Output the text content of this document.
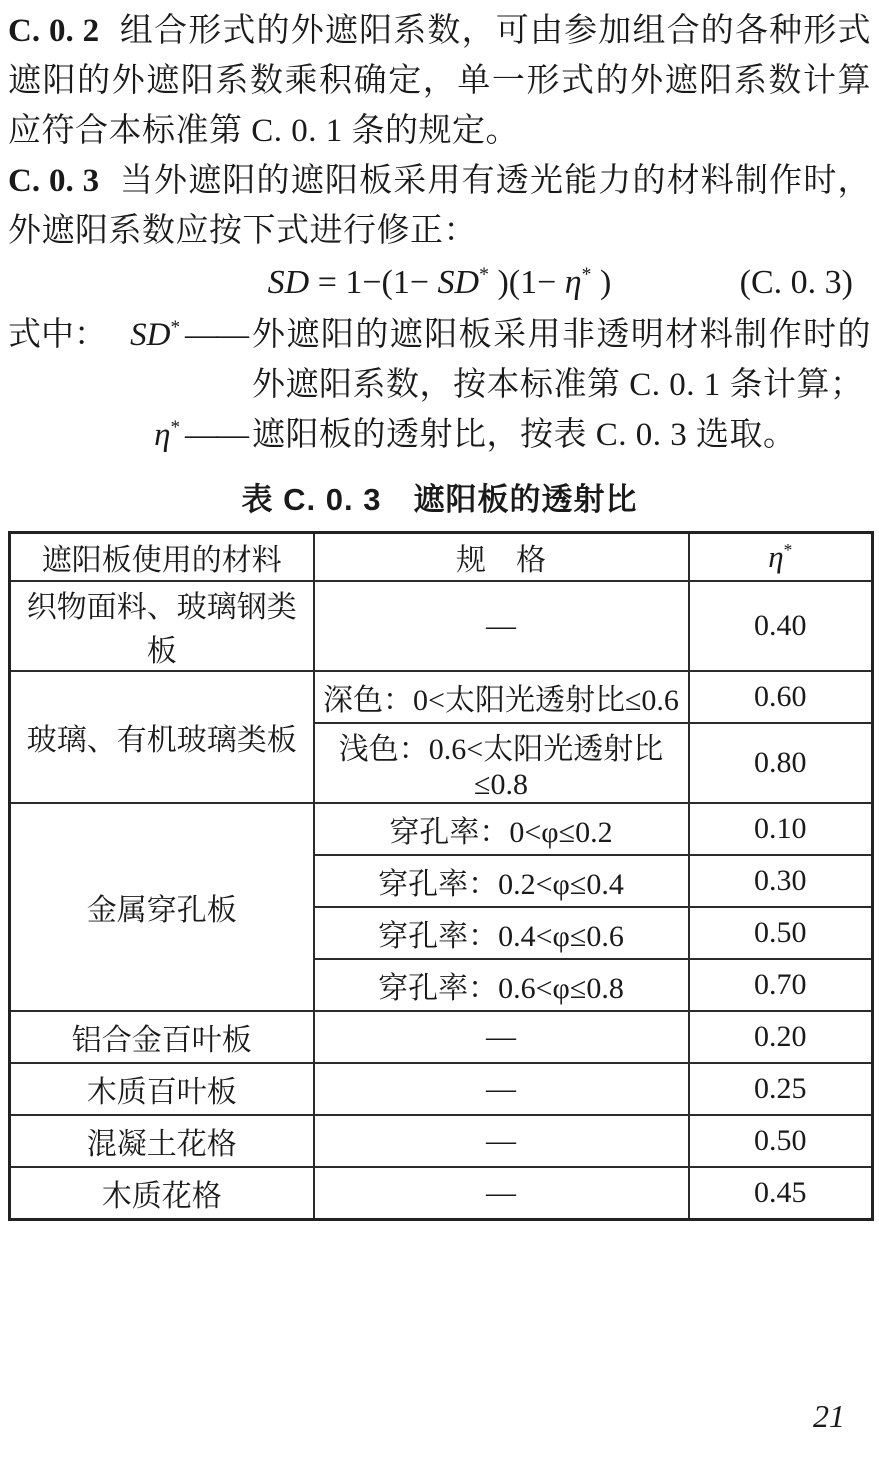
C. 0. 2 组合形式的外遮阳系数，可由参加组合的各种形式遮阳的外遮阳系数乘积确定，单一形式的外遮阳系数计算应符合本标准第 C. 0. 1 条的规定。

C. 0. 3 当外遮阳的遮阳板采用有透光能力的材料制作时，外遮阳系数应按下式进行修正：

SD = 1−(1− SD* )(1− η* )	(C. 0. 3)
式中： SD* —— 外遮阳的遮阳板采用非透明材料制作时的外遮阳系数，按本标准第 C. 0. 1 条计算；
η* —— 遮阳板的透射比，按表 C. 0. 3 选取。
表 C. 0. 3　遮阳板的透射比
遮阳板使用的材料	规　格	η*
织物面料、玻璃钢类板	—	0.40
玻璃、有机玻璃类板	深色：0<太阳光透射比≤0.6	0.60
	浅色：0.6<太阳光透射比≤0.8	0.80
金属穿孔板	穿孔率：0<φ≤0.2	0.10
	穿孔率：0.2<φ≤0.4	0.30
	穿孔率：0.4<φ≤0.6	0.50
	穿孔率：0.6<φ≤0.8	0.70
铝合金百叶板	—	0.20
木质百叶板	—	0.25
混凝土花格	—	0.50
木质花格	—	0.45
21
